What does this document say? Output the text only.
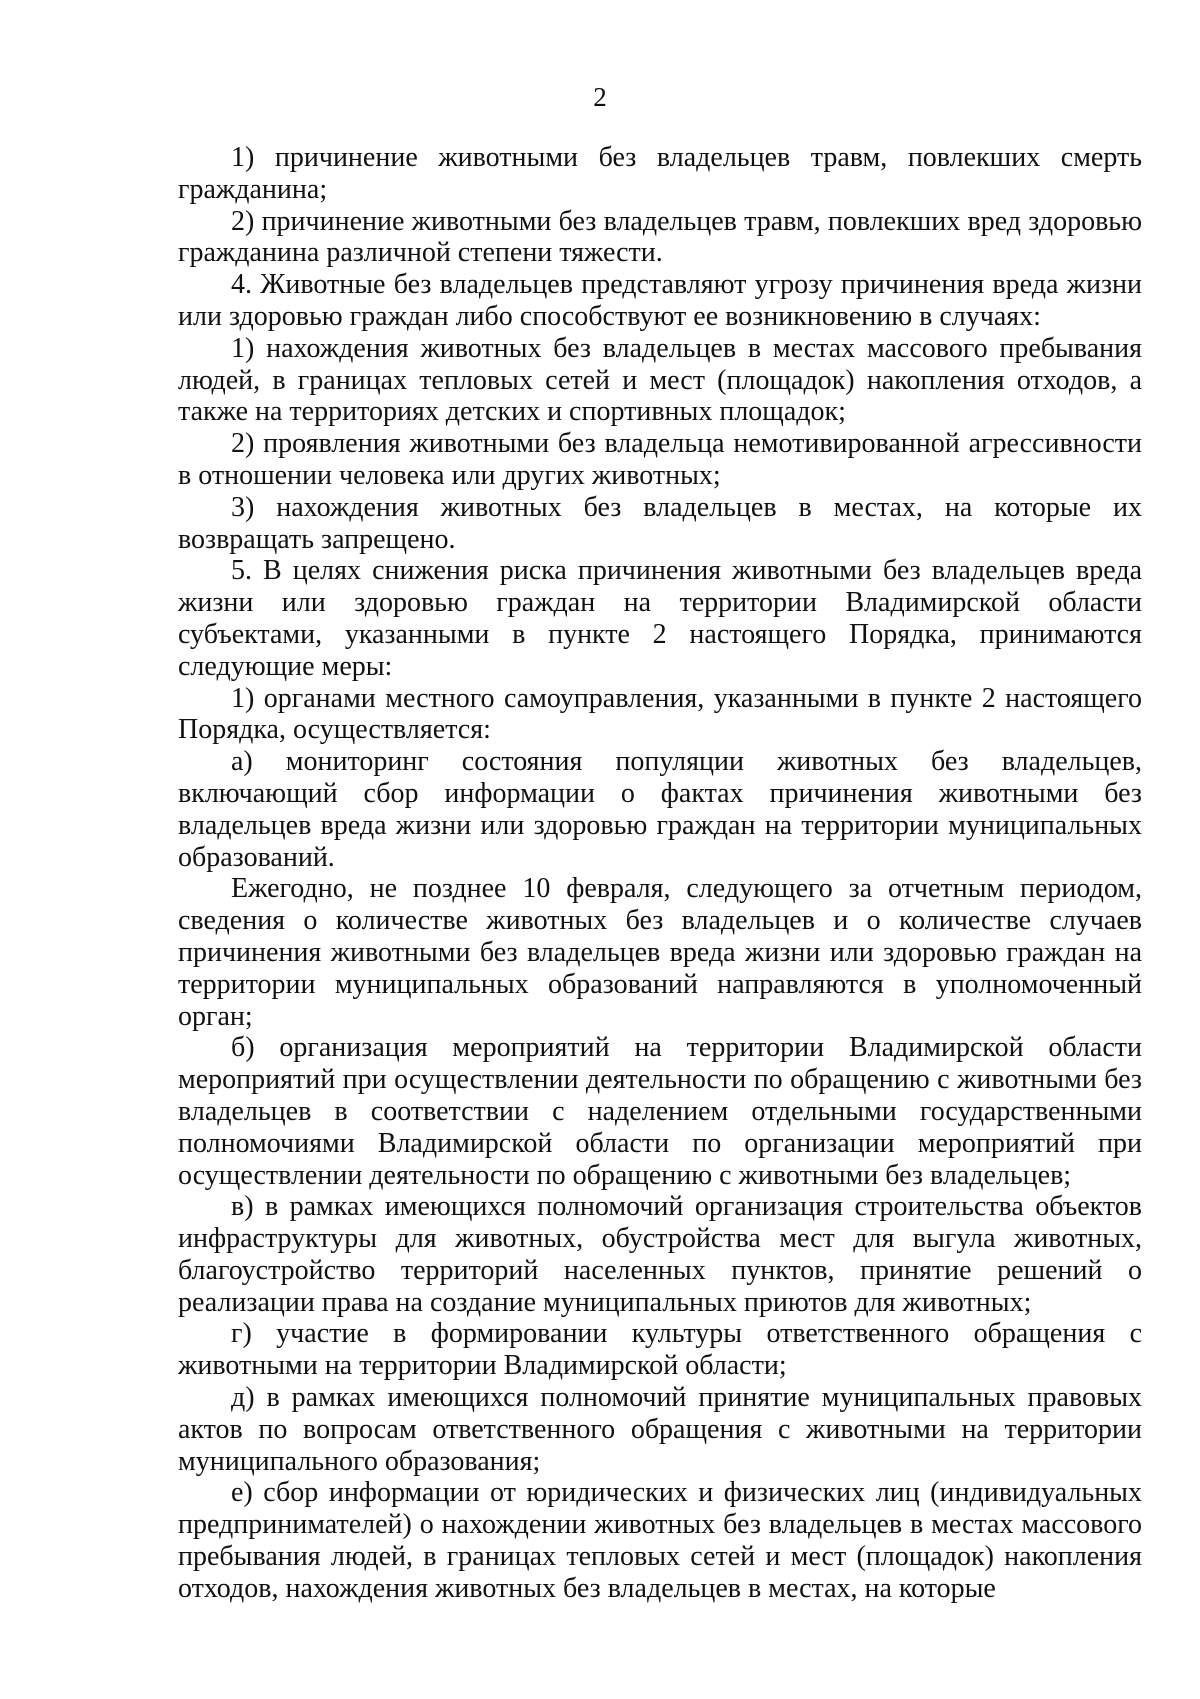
2

1) причинение животными без владельцев травм, повлекших смерть гражданина;

2) причинение животными без владельцев травм, повлекших вред здоровью гражданина различной степени тяжести.

4. Животные без владельцев представляют угрозу причинения вреда жизни или здоровью граждан либо способствуют ее возникновению в случаях:

1) нахождения животных без владельцев в местах массового пребывания людей, в границах тепловых сетей и мест (площадок) накопления отходов, а также на территориях детских и спортивных площадок;

2) проявления животными без владельца немотивированной агрессивности в отношении человека или других животных;

3) нахождения животных без владельцев в местах, на которые их возвращать запрещено.

5. В целях снижения риска причинения животными без владельцев вреда жизни или здоровью граждан на территории Владимирской области субъектами, указанными в пункте 2 настоящего Порядка, принимаются следующие меры:

1) органами местного самоуправления, указанными в пункте 2 настоящего Порядка, осуществляется:

а) мониторинг состояния популяции животных без владельцев, включающий сбор информации о фактах причинения животными без владельцев вреда жизни или здоровью граждан на территории муниципальных образований.

Ежегодно, не позднее 10 февраля, следующего за отчетным периодом, сведения о количестве животных без владельцев и о количестве случаев причинения животными без владельцев вреда жизни или здоровью граждан на территории муниципальных образований направляются в уполномоченный орган;

б) организация мероприятий на территории Владимирской области мероприятий при осуществлении деятельности по обращению с животными без владельцев в соответствии с наделением отдельными государственными полномочиями Владимирской области по организации мероприятий при осуществлении деятельности по обращению с животными без владельцев;

в) в рамках имеющихся полномочий организация строительства объектов инфраструктуры для животных, обустройства мест для выгула животных, благоустройство территорий населенных пунктов, принятие решений о реализации права на создание муниципальных приютов для животных;

г) участие в формировании культуры ответственного обращения с животными на территории Владимирской области;

д) в рамках имеющихся полномочий принятие муниципальных правовых актов по вопросам ответственного обращения с животными на территории муниципального образования;

е) сбор информации от юридических и физических лиц (индивидуальных предпринимателей) о нахождении животных без владельцев в местах массового пребывания людей, в границах тепловых сетей и мест (площадок) накопления отходов, нахождения животных без владельцев в местах, на которые
